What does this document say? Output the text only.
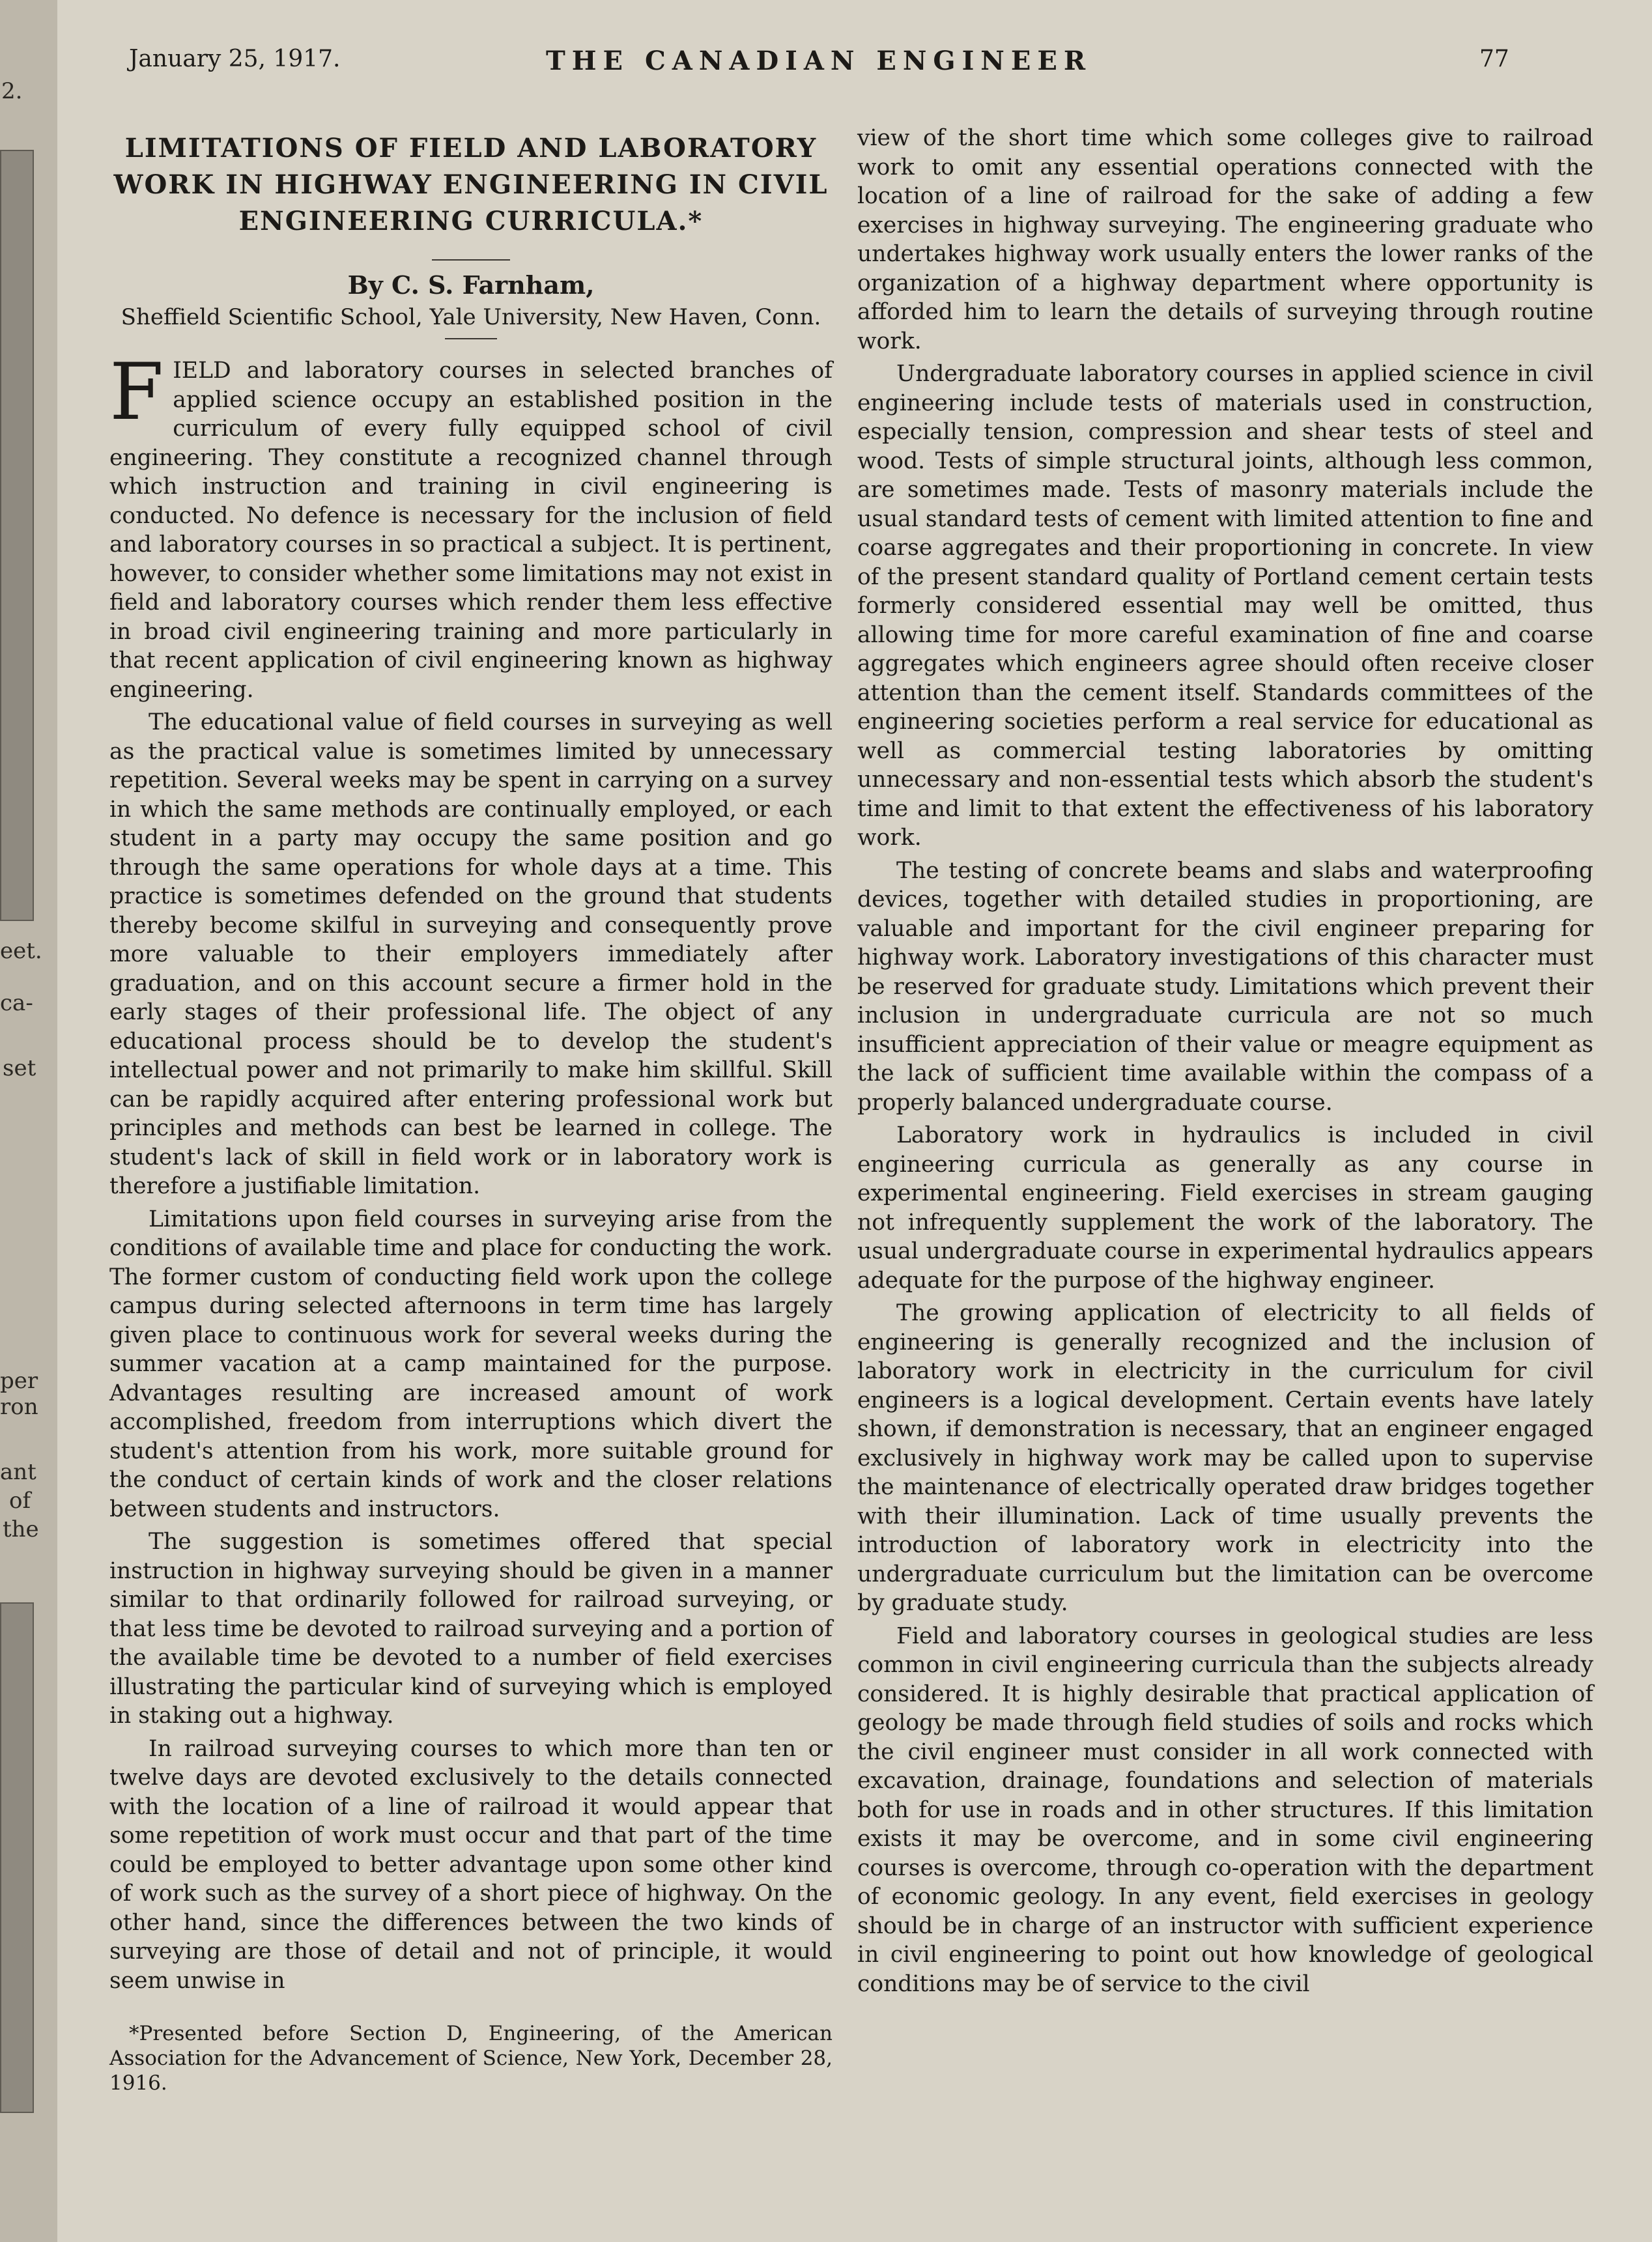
2.
eet.
ca-
set
per
ron
ant
of
the
January 25, 1917.	THE CANADIAN ENGINEER	77
LIMITATIONS OF FIELD AND LABORATORY WORK IN HIGHWAY ENGINEERING IN CIVIL ENGINEERING CURRICULA.*
By C. S. Farnham,
Sheffield Scientific School, Yale University, New Haven, Conn.

FIELD and laboratory courses in selected branches of applied science occupy an established position in the curriculum of every fully equipped school of civil engineering. They constitute a recognized channel through which instruction and training in civil engineering is conducted. No defence is necessary for the inclusion of field and laboratory courses in so practical a subject. It is pertinent, however, to consider whether some limitations may not exist in field and laboratory courses which render them less effective in broad civil engineering training and more particularly in that recent application of civil engineering known as highway engineering.

The educational value of field courses in surveying as well as the practical value is sometimes limited by unnecessary repetition. Several weeks may be spent in carrying on a survey in which the same methods are continually employed, or each student in a party may occupy the same position and go through the same operations for whole days at a time. This practice is sometimes defended on the ground that students thereby become skilful in surveying and consequently prove more valuable to their employers immediately after graduation, and on this account secure a firmer hold in the early stages of their professional life. The object of any educational process should be to develop the student's intellectual power and not primarily to make him skillful. Skill can be rapidly acquired after entering professional work but principles and methods can best be learned in college. The student's lack of skill in field work or in laboratory work is therefore a justifiable limitation.

Limitations upon field courses in surveying arise from the conditions of available time and place for conducting the work. The former custom of conducting field work upon the college campus during selected afternoons in term time has largely given place to continuous work for several weeks during the summer vacation at a camp maintained for the purpose. Advantages resulting are increased amount of work accomplished, freedom from interruptions which divert the student's attention from his work, more suitable ground for the conduct of certain kinds of work and the closer relations between students and instructors.

The suggestion is sometimes offered that special instruction in highway surveying should be given in a manner similar to that ordinarily followed for railroad surveying, or that less time be devoted to railroad surveying and a portion of the available time be devoted to a number of field exercises illustrating the particular kind of surveying which is employed in staking out a highway.

In railroad surveying courses to which more than ten or twelve days are devoted exclusively to the details connected with the location of a line of railroad it would appear that some repetition of work must occur and that part of the time could be employed to better advantage upon some other kind of work such as the survey of a short piece of highway. On the other hand, since the differences between the two kinds of surveying are those of detail and not of principle, it would seem unwise in

*Presented before Section D, Engineering, of the American Association for the Advancement of Science, New York, December 28, 1916.

view of the short time which some colleges give to railroad work to omit any essential operations connected with the location of a line of railroad for the sake of adding a few exercises in highway surveying. The engineering graduate who undertakes highway work usually enters the lower ranks of the organization of a highway department where opportunity is afforded him to learn the details of surveying through routine work.

Undergraduate laboratory courses in applied science in civil engineering include tests of materials used in construction, especially tension, compression and shear tests of steel and wood. Tests of simple structural joints, although less common, are sometimes made. Tests of masonry materials include the usual standard tests of cement with limited attention to fine and coarse aggregates and their proportioning in concrete. In view of the present standard quality of Portland cement certain tests formerly considered essential may well be omitted, thus allowing time for more careful examination of fine and coarse aggregates which engineers agree should often receive closer attention than the cement itself. Standards committees of the engineering societies perform a real service for educational as well as commercial testing laboratories by omitting unnecessary and non-essential tests which absorb the student's time and limit to that extent the effectiveness of his laboratory work.

The testing of concrete beams and slabs and waterproofing devices, together with detailed studies in proportioning, are valuable and important for the civil engineer preparing for highway work. Laboratory investigations of this character must be reserved for graduate study. Limitations which prevent their inclusion in undergraduate curricula are not so much insufficient appreciation of their value or meagre equipment as the lack of sufficient time available within the compass of a properly balanced undergraduate course.

Laboratory work in hydraulics is included in civil engineering curricula as generally as any course in experimental engineering. Field exercises in stream gauging not infrequently supplement the work of the laboratory. The usual undergraduate course in experimental hydraulics appears adequate for the purpose of the highway engineer.

The growing application of electricity to all fields of engineering is generally recognized and the inclusion of laboratory work in electricity in the curriculum for civil engineers is a logical development. Certain events have lately shown, if demonstration is necessary, that an engineer engaged exclusively in highway work may be called upon to supervise the maintenance of electrically operated draw bridges together with their illumination. Lack of time usually prevents the introduction of laboratory work in electricity into the undergraduate curriculum but the limitation can be overcome by graduate study.

Field and laboratory courses in geological studies are less common in civil engineering curricula than the subjects already considered. It is highly desirable that practical application of geology be made through field studies of soils and rocks which the civil engineer must consider in all work connected with excavation, drainage, foundations and selection of materials both for use in roads and in other structures. If this limitation exists it may be overcome, and in some civil engineering courses is overcome, through co-operation with the department of economic geology. In any event, field exercises in geology should be in charge of an instructor with sufficient experience in civil engineering to point out how knowledge of geological conditions may be of service to the civil
